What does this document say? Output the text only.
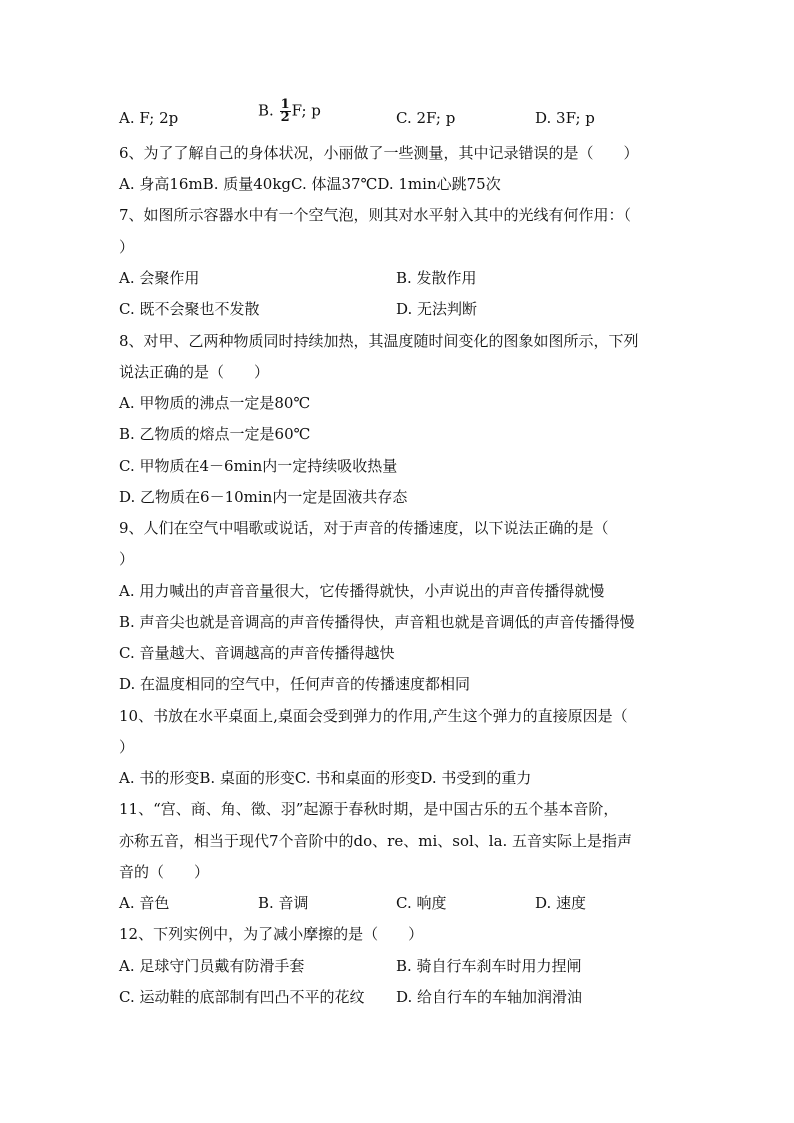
A. F; 2p	B. $\frac{1}{2} F$; p	C. 2F; p	D. 3F; p
6、为了了解自己的身体状况，小丽做了一些测量，其中记录错误的是（　　）
A. 身高16mB. 质量40kgC. 体温37℃D. 1min心跳75次
7、如图所示容器水中有一个空气泡，则其对水平射入其中的光线有何作用：（
）
A. 会聚作用	B. 发散作用
C. 既不会聚也不发散	D. 无法判断
8、对甲、乙两种物质同时持续加热，其温度随时间变化的图象如图所示，下列
说法正确的是（　　）
A. 甲物质的沸点一定是80℃
B. 乙物质的熔点一定是60℃
C. 甲物质在4－6min内一定持续吸收热量
D. 乙物质在6－10min内一定是固液共存态
9、人们在空气中唱歌或说话，对于声音的传播速度，以下说法正确的是（
）
A. 用力喊出的声音音量很大，它传播得就快，小声说出的声音传播得就慢
B. 声音尖也就是音调高的声音传播得快，声音粗也就是音调低的声音传播得慢
C. 音量越大、音调越高的声音传播得越快
D. 在温度相同的空气中，任何声音的传播速度都相同
10、书放在水平桌面上,桌面会受到弹力的作用,产生这个弹力的直接原因是（
）
A. 书的形变B. 桌面的形变C. 书和桌面的形变D. 书受到的重力
11、“宫、商、角、徵、羽”起源于春秋时期，是中国古乐的五个基本音阶，
亦称五音，相当于现代7个音阶中的do、re、mi、sol、la. 五音实际上是指声
音的（　　）
A. 音色	B. 音调	C. 响度	D. 速度
12、下列实例中，为了减小摩擦的是（　　）
A. 足球守门员戴有防滑手套	B. 骑自行车刹车时用力捏闸
C. 运动鞋的底部制有凹凸不平的花纹 D. 给自行车的车轴加润滑油
